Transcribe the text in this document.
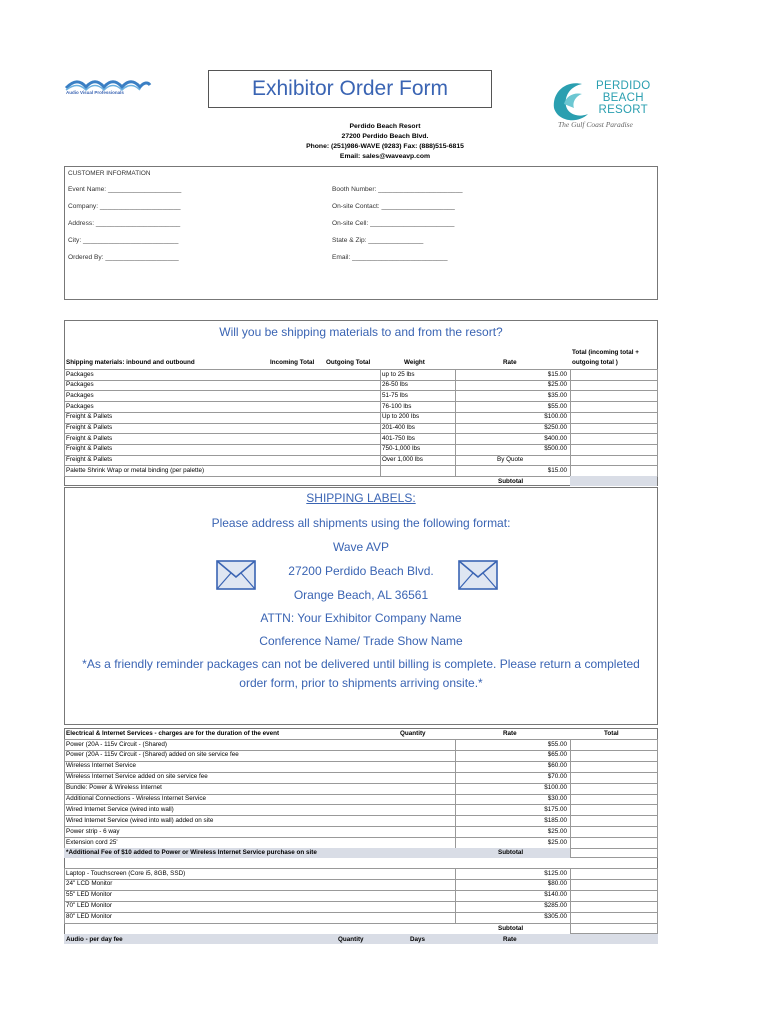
Audio Visual Professionals	Exhibitor Order Form	PERDIDO
BEACH
RESORT
The Gulf Coast Paradise
Perdido Beach Resort
27200 Perdido Beach Blvd.
Phone: (251)986-WAVE (9283) Fax: (888)515-6815
Email: sales@waveavp.com
CUSTOMER INFORMATION
Event Name: ____________________
Company: ______________________
Address: _______________________
City: __________________________
Ordered By: ____________________
Booth Number: _______________________
On-site Contact: ____________________
On-site Cell: _______________________
State & Zip: _______________
Email: __________________________
Will you be shipping materials to and from the resort?
Shipping materials: inbound and outbound	Incoming Total Outgoing Total	Weight	Rate
Total (incoming total +
outgoing total )
Packages	up to 25 lbs	$15.00
Packages	26-50 lbs	$25.00
Packages	51-75 lbs	$35.00
Packages	76-100 lbs	$55.00
Freight & Pallets	Up to 200 lbs	$100.00
Freight & Pallets	201-400 lbs	$250.00
Freight & Pallets	401-750 lbs	$400.00
Freight & Pallets	750-1,000 lbs	$500.00
Freight & Pallets	Over 1,000 lbs	By Quote
Palette Shrink Wrap or metal binding (per palette)	$15.00
Subtotal
SHIPPING LABELS:
Please address all shipments using the following format:
Wave AVP
27200 Perdido Beach Blvd.
Orange Beach, AL 36561
ATTN: Your Exhibitor Company Name
Conference Name/ Trade Show Name
*As a friendly reminder packages can not be delivered until billing is complete. Please return a completed
order form, prior to shipments arriving onsite.*
Electrical & Internet Services - charges are for the duration of the event	Quantity	Rate	Total
Power (20A - 115v Circuit - (Shared)	$55.00
Power (20A - 115v Circuit - (Shared) added on site service fee	$65.00
Wireless Internet Service	$60.00
Wireless Internet Service added on site service fee	$70.00
Bundle: Power & Wireless Internet	$100.00
Additional Connections - Wireless Internet Service	$30.00
Wired Internet Service (wired into wall)	$175.00
Wired Internet Service (wired into wall) added on site	$185.00
Power strip - 6 way	$25.00
Extension cord 25'	$25.00
*Additional Fee of $10 added to Power or Wireless Internet Service purchase on site	Subtotal
Laptop - Touchscreen (Core i5, 8GB, SSD)	$125.00
24" LCD Monitor	$80.00
55" LED Monitor	$140.00
70" LED Monitor	$285.00
80" LED Monitor	$305.00
Subtotal
Audio - per day fee	Quantity	Days	Rate
